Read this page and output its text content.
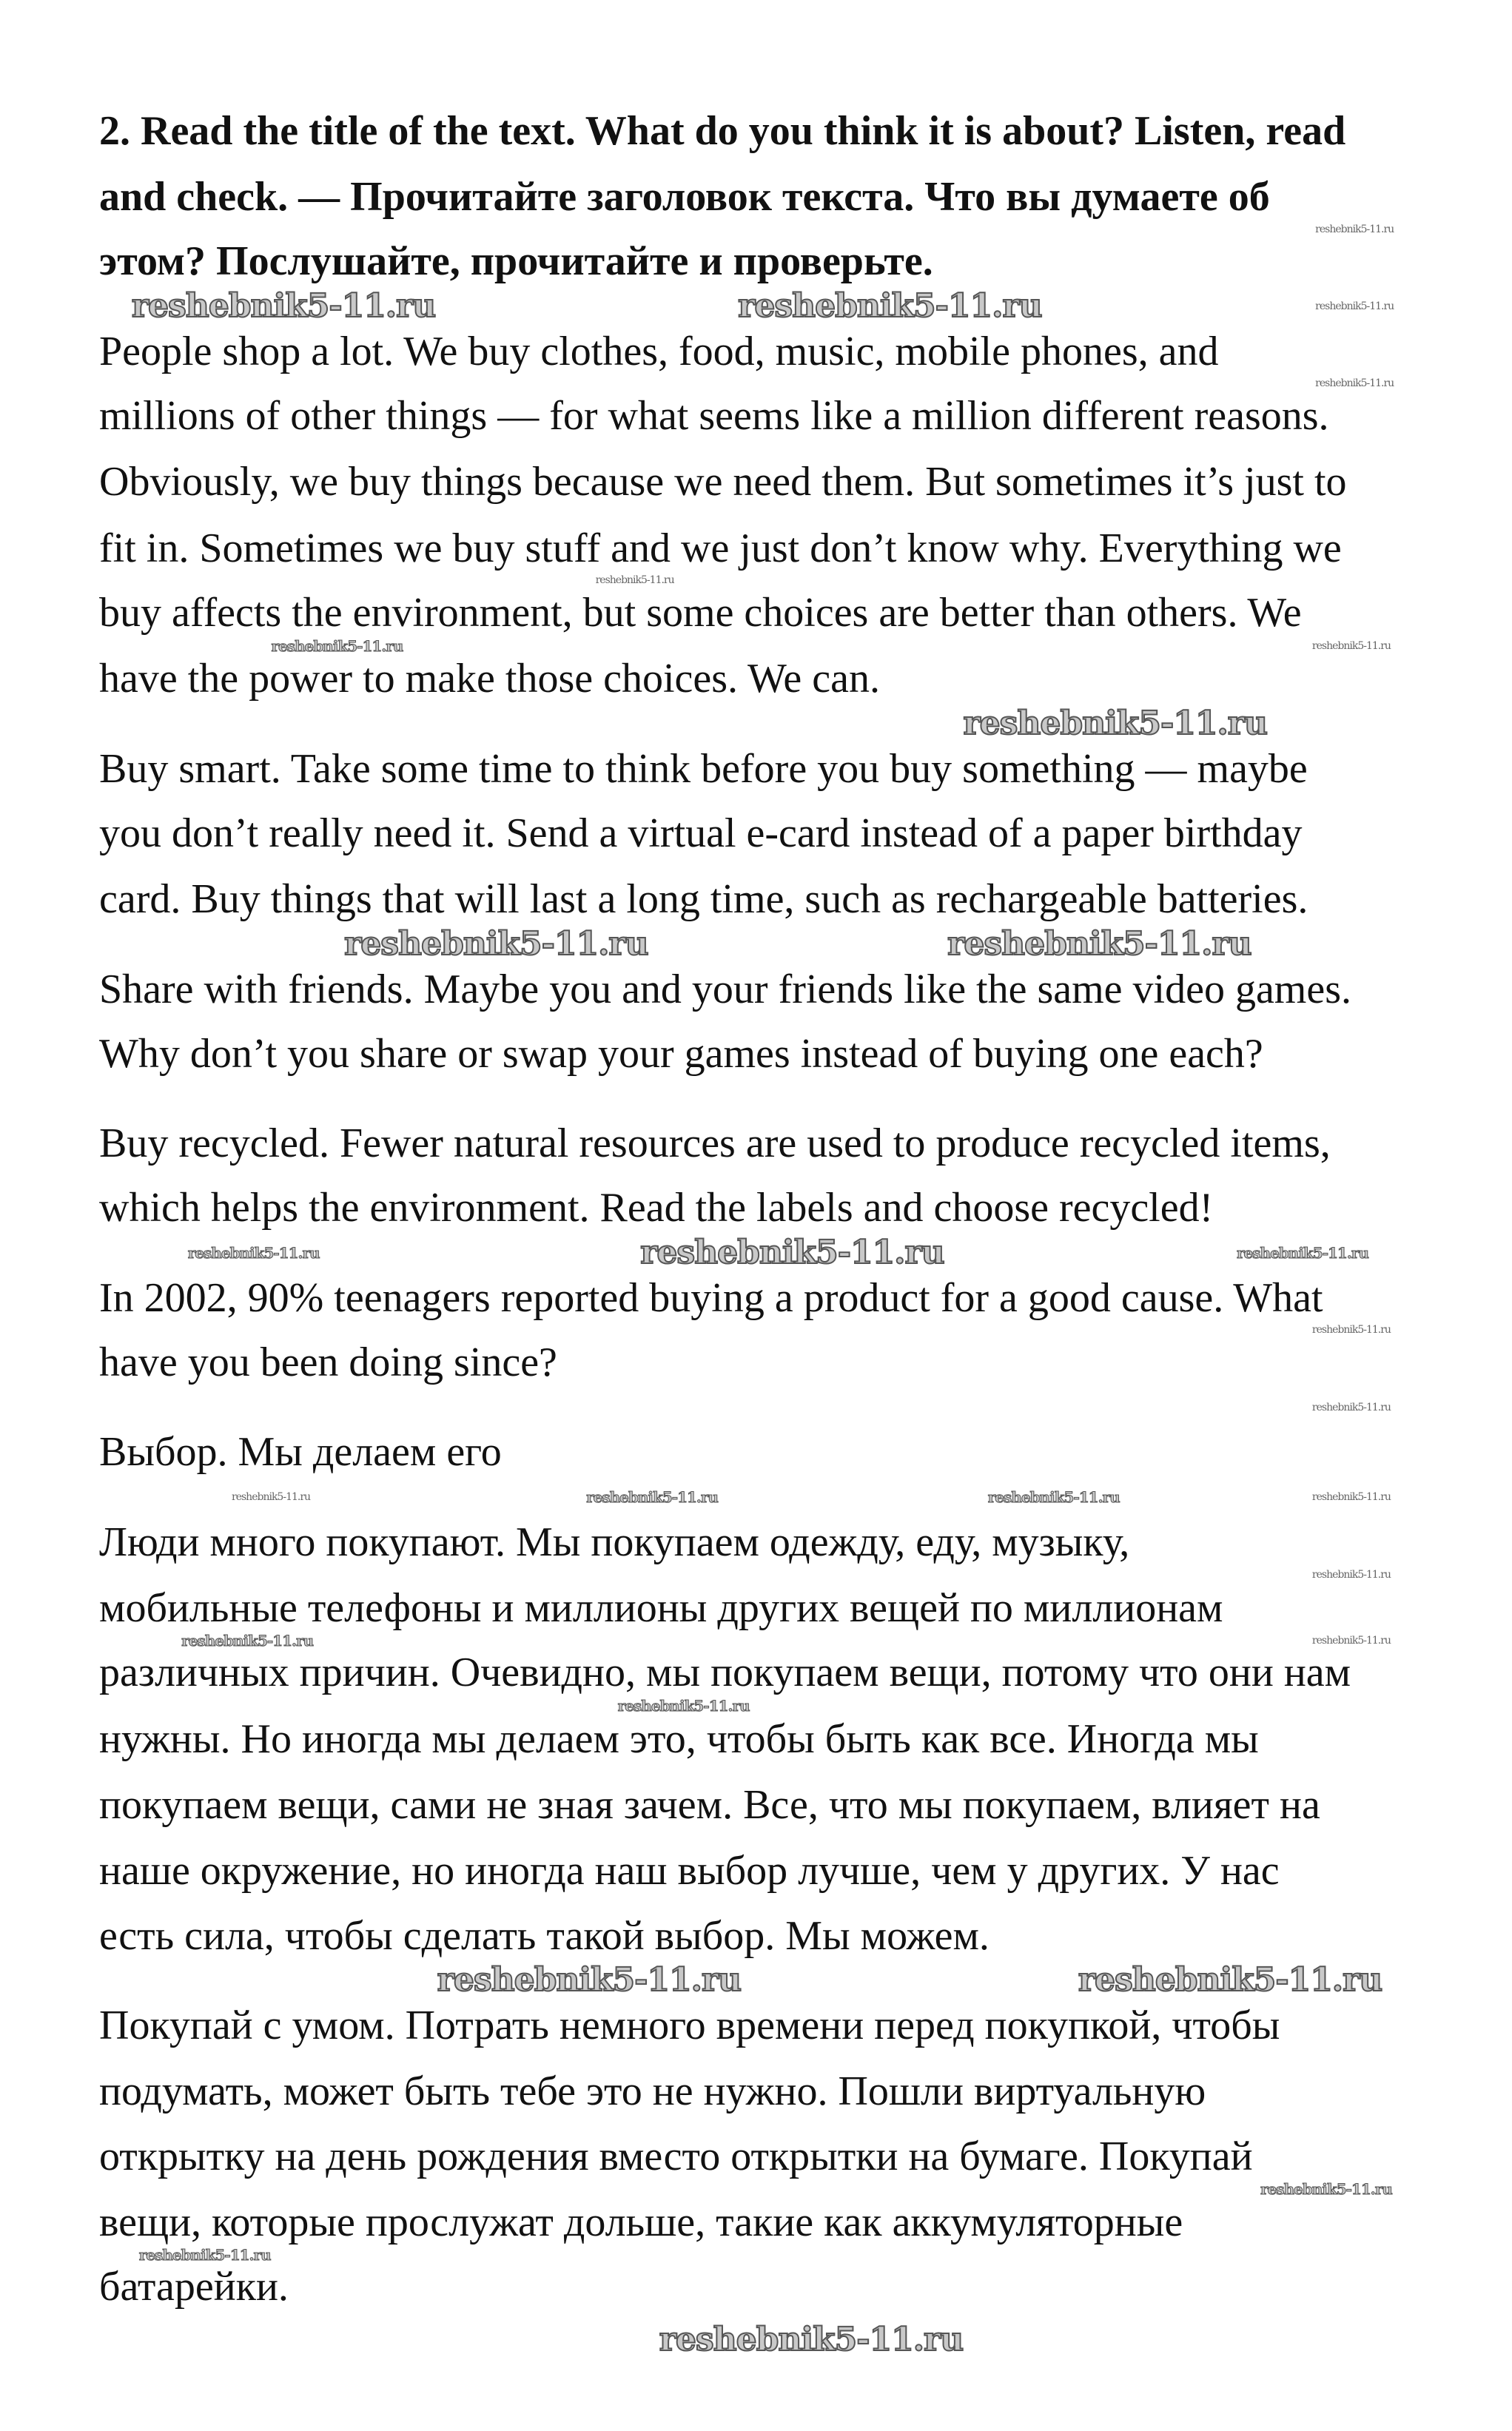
2. Read the title of the text. What do you think it is about? Listen, read
and check. — Прочитайте заголовок текста. Что вы думаете об
этом? Послушайте, прочитайте и проверьте.
People shop a lot. We buy clothes, food, music, mobile phones, and
millions of other things — for what seems like a million different reasons.
Obviously, we buy things because we need them. But sometimes it’s just to
fit in. Sometimes we buy stuff and we just don’t know why. Everything we
buy affects the environment, but some choices are better than others. We
have the power to make those choices. We can.
Buy smart. Take some time to think before you buy something — maybe
you don’t really need it. Send a virtual e-card instead of a paper birthday
card. Buy things that will last a long time, such as rechargeable batteries.
Share with friends. Maybe you and your friends like the same video games.
Why don’t you share or swap your games instead of buying one each?
Buy recycled. Fewer natural resources are used to produce recycled items,
which helps the environment. Read the labels and choose recycled!
In 2002, 90% teenagers reported buying a product for a good cause. What
have you been doing since?
Выбор. Мы делаем его
Люди много покупают. Мы покупаем одежду, еду, музыку,
мобильные телефоны и миллионы других вещей по миллионам
различных причин. Очевидно, мы покупаем вещи, потому что они нам
нужны. Но иногда мы делаем это, чтобы быть как все. Иногда мы
покупаем вещи, сами не зная зачем. Все, что мы покупаем, влияет на
наше окружение, но иногда наш выбор лучше, чем у других. У нас
есть сила, чтобы сделать такой выбор. Мы можем.
Покупай с умом. Потрать немного времени перед покупкой, чтобы
подумать, может быть тебе это не нужно. Пошли виртуальную
открытку на день рождения вместо открытки на бумаге. Покупай
вещи, которые прослужат дольше, такие как аккумуляторные
батарейки.
reshebnik5-11.ru	reshebnik5-11.ru
reshebnik5-11.ru
reshebnik5-11.ru	reshebnik5-11.ru
reshebnik5-11.ru
reshebnik5-11.ru
reshebnik5-11.ru
reshebnik5-11.ru
reshebnik5-11.ru
reshebnik5-11.ru
reshebnik5-11.ru	reshebnik5-11.ru
reshebnik5-11.ru
reshebnik5-11.ru
reshebnik5-11.ru
reshebnik5-11.ru
reshebnik5-11.ru
reshebnik5-11.ru
reshebnik5-11.ru
reshebnik5-11.ru
reshebnik5-11.ru
reshebnik5-11.ru
reshebnik5-11.ru
reshebnik5-11.ru
reshebnik5-11.ru
reshebnik5-11.ru
reshebnik5-11.ru
reshebnik5-11.ru
